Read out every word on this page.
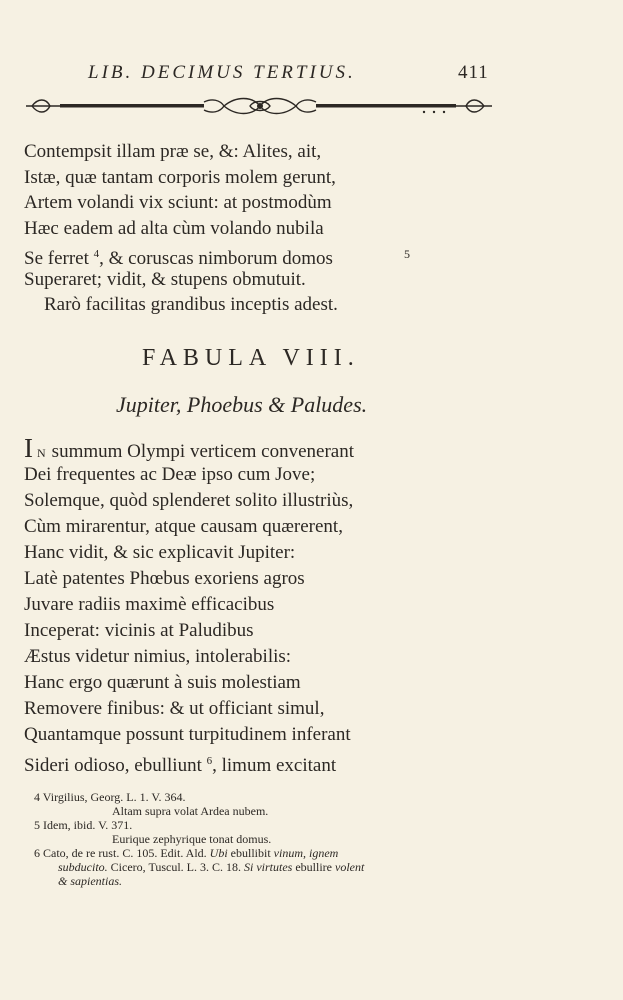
LIB. DECIMUS TERTIUS.	411
Contempsit illam præ se, &: Alites, ait,
Istæ, quæ tantam corporis molem gerunt,
Artem volandi vix sciunt: at postmodùm
Hæc eadem ad alta cùm volando nubila
Se ferret $^4$, & coruscas nimborum domos	5
Superaret; vidit, & stupens obmutuit.
Rarò facilitas grandibus inceptis adest.
FABULA VIII.
Jupiter, Phoebus & Paludes.
I N summum Olympi verticem convenerant
Dei frequentes ac Deæ ipso cum Jove;
Solemque, quòd splenderet solito illustriùs,
Cùm mirarentur, atque causam quærerent,
Hanc vidit, & sic explicavit Jupiter:
Latè patentes Phœbus exoriens agros
Juvare radiis maximè efficacibus
Inceperat: vicinis at Paludibus
Æstus videtur nimius, intolerabilis:
Hanc ergo quærunt à suis molestiam
Removere finibus: & ut officiant simul,
Quantamque possunt turpitudinem inferant
Sideri odioso, ebulliunt $^6$, limum excitant
4 Virgilius, Georg. L. 1. V. 364.
Altam supra volat Ardea nubem.
5 Idem, ibid. V. 371.
Eurique zephyrique tonat domus.
6 Cato, de re rust. C. 105. Edit. Ald. Ubi ebullibit vinum, ignem
subducito. Cicero, Tuscul. L. 3. C. 18. Si virtutes ebullire volent
& sapientias.
